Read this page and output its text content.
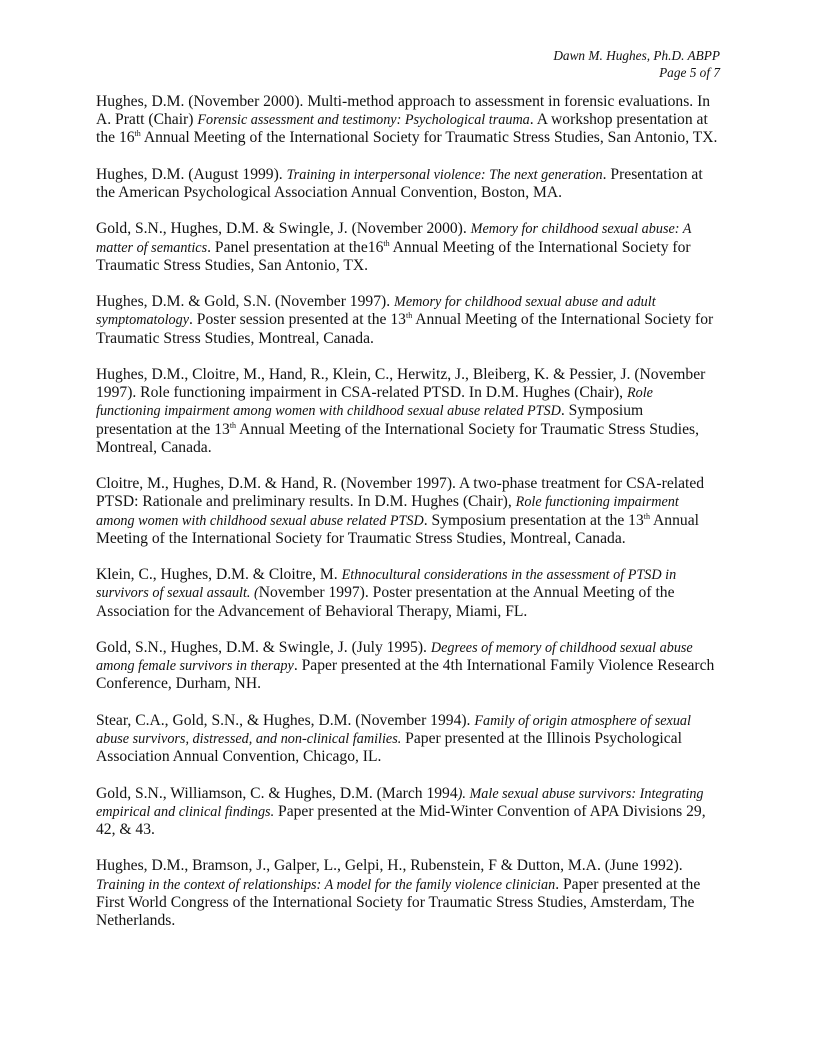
Dawn M. Hughes, Ph.D. ABPP
Page 5 of 7

Hughes, D.M. (November 2000). Multi-method approach to assessment in forensic evaluations. In A. Pratt (Chair) Forensic assessment and testimony: Psychological trauma. A workshop presentation at the 16th Annual Meeting of the International Society for Traumatic Stress Studies, San Antonio, TX.

Hughes, D.M. (August 1999). Training in interpersonal violence: The next generation. Presentation at the American Psychological Association Annual Convention, Boston, MA.

Gold, S.N., Hughes, D.M. & Swingle, J. (November 2000). Memory for childhood sexual abuse: A matter of semantics. Panel presentation at the16th Annual Meeting of the International Society for Traumatic Stress Studies, San Antonio, TX.

Hughes, D.M. & Gold, S.N. (November 1997). Memory for childhood sexual abuse and adult symptomatology. Poster session presented at the 13th Annual Meeting of the International Society for Traumatic Stress Studies, Montreal, Canada.

Hughes, D.M., Cloitre, M., Hand, R., Klein, C., Herwitz, J., Bleiberg, K. & Pessier, J. (November 1997). Role functioning impairment in CSA-related PTSD. In D.M. Hughes (Chair), Role functioning impairment among women with childhood sexual abuse related PTSD. Symposium presentation at the 13th Annual Meeting of the International Society for Traumatic Stress Studies, Montreal, Canada.

Cloitre, M., Hughes, D.M. & Hand, R. (November 1997). A two-phase treatment for CSA-related PTSD: Rationale and preliminary results. In D.M. Hughes (Chair), Role functioning impairment among women with childhood sexual abuse related PTSD. Symposium presentation at the 13th Annual Meeting of the International Society for Traumatic Stress Studies, Montreal, Canada.

Klein, C., Hughes, D.M. & Cloitre, M. Ethnocultural considerations in the assessment of PTSD in survivors of sexual assault. (November 1997). Poster presentation at the Annual Meeting of the Association for the Advancement of Behavioral Therapy, Miami, FL.

Gold, S.N., Hughes, D.M. & Swingle, J. (July 1995). Degrees of memory of childhood sexual abuse among female survivors in therapy. Paper presented at the 4th International Family Violence Research Conference, Durham, NH.

Stear, C.A., Gold, S.N., & Hughes, D.M. (November 1994). Family of origin atmosphere of sexual abuse survivors, distressed, and non-clinical families. Paper presented at the Illinois Psychological Association Annual Convention, Chicago, IL.

Gold, S.N., Williamson, C. & Hughes, D.M. (March 1994). Male sexual abuse survivors: Integrating empirical and clinical findings. Paper presented at the Mid-Winter Convention of APA Divisions 29, 42, & 43.

Hughes, D.M., Bramson, J., Galper, L., Gelpi, H., Rubenstein, F & Dutton, M.A. (June 1992). Training in the context of relationships: A model for the family violence clinician. Paper presented at the First World Congress of the International Society for Traumatic Stress Studies, Amsterdam, The Netherlands.
